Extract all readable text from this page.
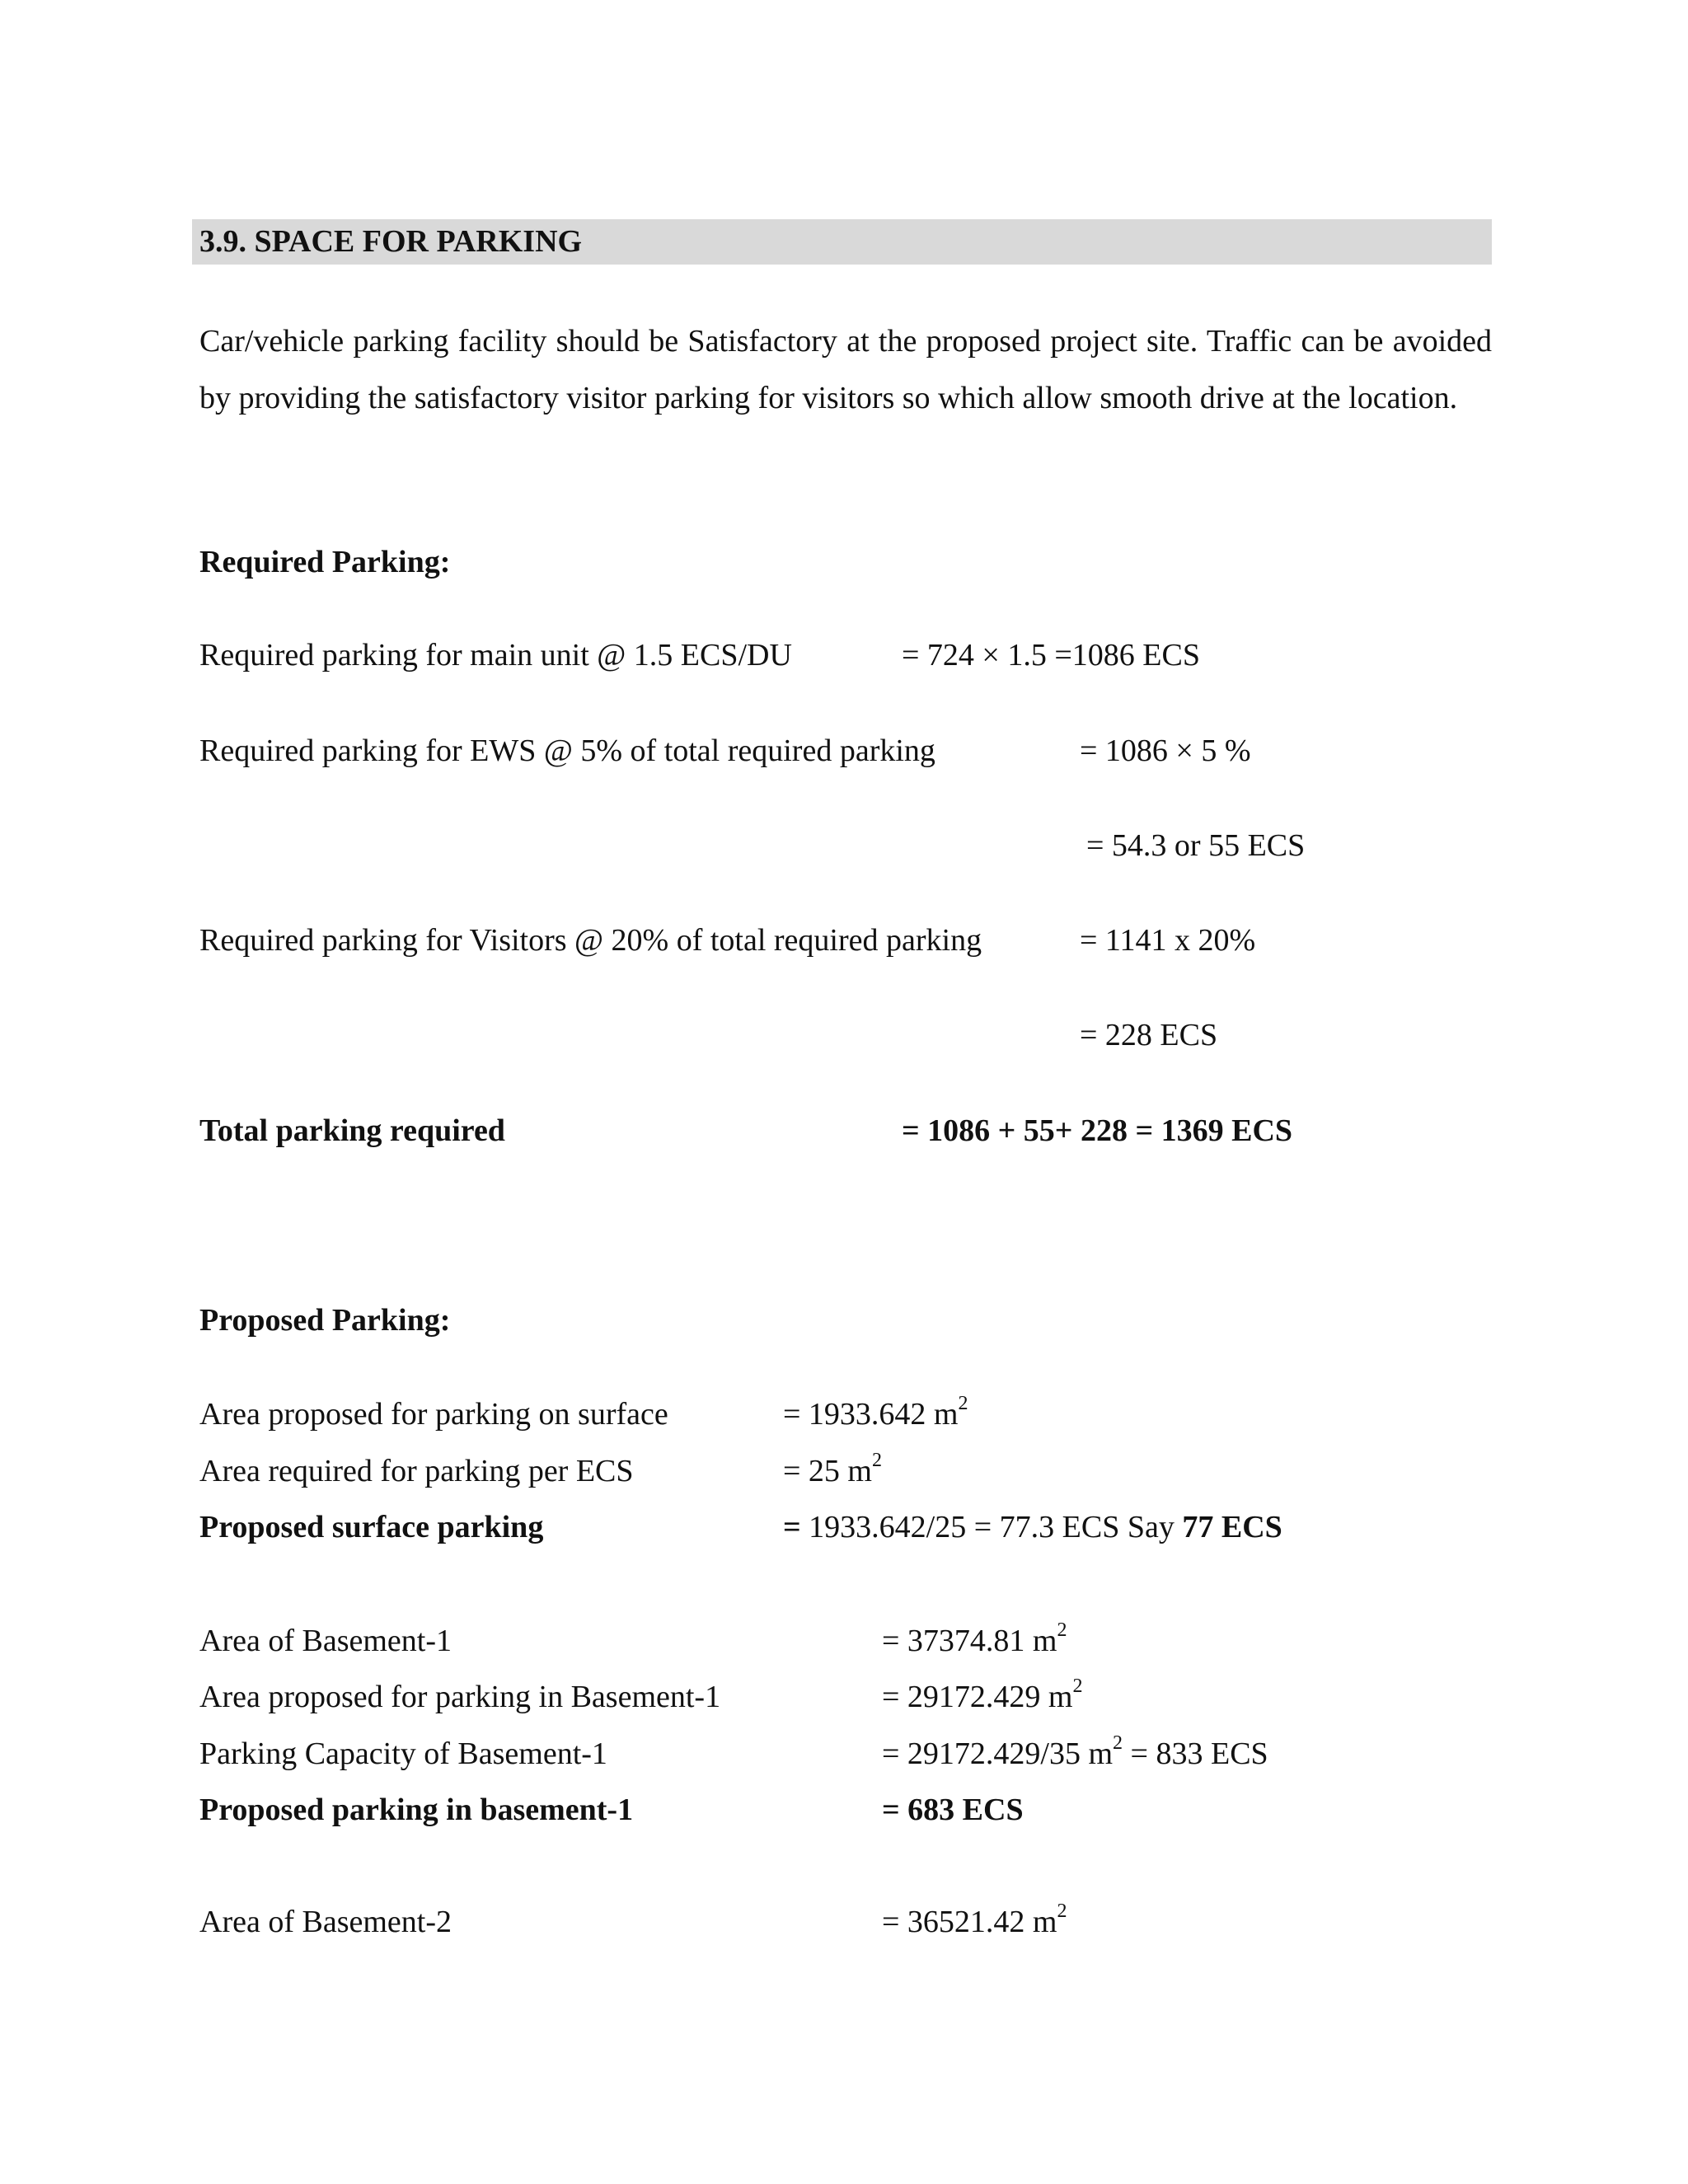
3.9. SPACE FOR PARKING
Car/vehicle parking facility should be Satisfactory at the proposed project site. Traffic can be avoided by providing the satisfactory visitor parking for visitors so which allow smooth drive at the location.
Required Parking:
Required parking for main unit @ 1.5 ECS/DU	= 724 × 1.5 =1086 ECS
Required parking for EWS @ 5% of total required parking	= 1086 × 5 %
= 54.3 or 55 ECS
Required parking for Visitors @ 20% of total required parking	= 1141 x 20%
= 228 ECS
Total parking required	= 1086 + 55+ 228 = 1369 ECS
Proposed Parking:
Area proposed for parking on surface	= 1933.642 $m^2$
Area required for parking per ECS	= 25 $m^2$
Proposed surface parking	= 1933.642/25 = 77.3 ECS Say 77 ECS
Area of Basement-1	= 37374.81 $m^2$
Area proposed for parking in Basement-1	= 29172.429 $m^2$
Parking Capacity of Basement-1	= 29172.429/35 $m^2 = 833$ ECS
Proposed parking in basement-1	= 683 ECS
Area of Basement-2	= 36521.42 $m^2$
